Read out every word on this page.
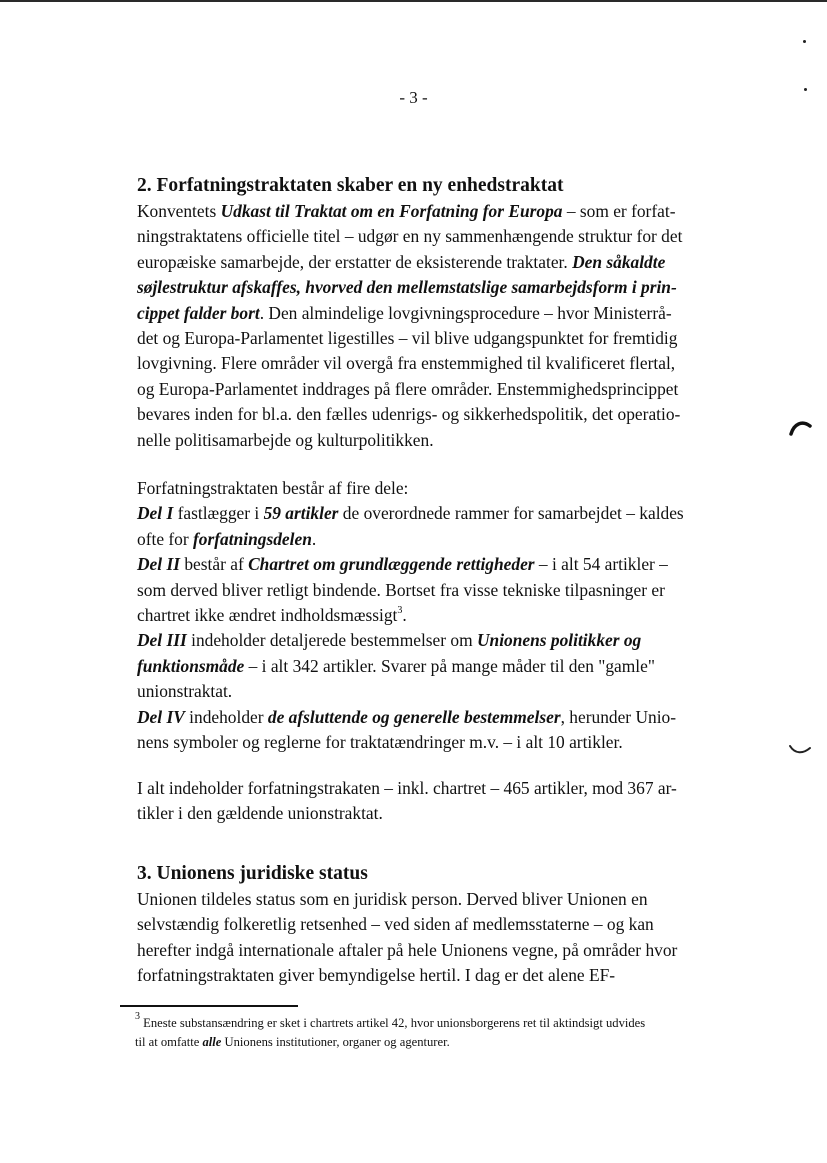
- 3 -
2. Forfatningstraktaten skaber en ny enhedstraktat
Konventets Udkast til Traktat om en Forfatning for Europa – som er forfat-
ningstraktatens officielle titel – udgør en ny sammenhængende struktur for det
europæiske samarbejde, der erstatter de eksisterende traktater. Den såkaldte
søjlestruktur afskaffes, hvorved den mellemstatslige samarbejdsform i prin-
cippet falder bort. Den almindelige lovgivningsprocedure – hvor Ministerrå-
det og Europa-Parlamentet ligestilles – vil blive udgangspunktet for fremtidig
lovgivning. Flere områder vil overgå fra enstemmighed til kvalificeret flertal,
og Europa-Parlamentet inddrages på flere områder. Enstemmighedsprincippet
bevares inden for bl.a. den fælles udenrigs- og sikkerhedspolitik, det operatio-
nelle politisamarbejde og kulturpolitikken.
Forfatningstraktaten består af fire dele:
Del I fastlægger i 59 artikler de overordnede rammer for samarbejdet – kaldes
ofte for forfatningsdelen.
Del II består af Chartret om grundlæggende rettigheder – i alt 54 artikler –
som derved bliver retligt bindende. Bortset fra visse tekniske tilpasninger er
chartret ikke ændret indholdsmæssigt$^3$.
Del III indeholder detaljerede bestemmelser om Unionens politikker og
funktionsmåde – i alt 342 artikler. Svarer på mange måder til den "gamle"
unionstraktat.
Del IV indeholder de afsluttende og generelle bestemmelser, herunder Unio-
nens symboler og reglerne for traktatændringer m.v. – i alt 10 artikler.
I alt indeholder forfatningstrakaten – inkl. chartret – 465 artikler, mod 367 ar-
tikler i den gældende unionstraktat.
3. Unionens juridiske status
Unionen tildeles status som en juridisk person. Derved bliver Unionen en
selvstændig folkeretlig retsenhed – ved siden af medlemsstaterne – og kan
herefter indgå internationale aftaler på hele Unionens vegne, på områder hvor
forfatningstraktaten giver bemyndigelse hertil. I dag er det alene EF-
$^3$ Eneste substansændring er sket i chartrets artikel 42, hvor unionsborgerens ret til aktindsigt udvides
til at omfatte alle Unionens institutioner, organer og agenturer.
